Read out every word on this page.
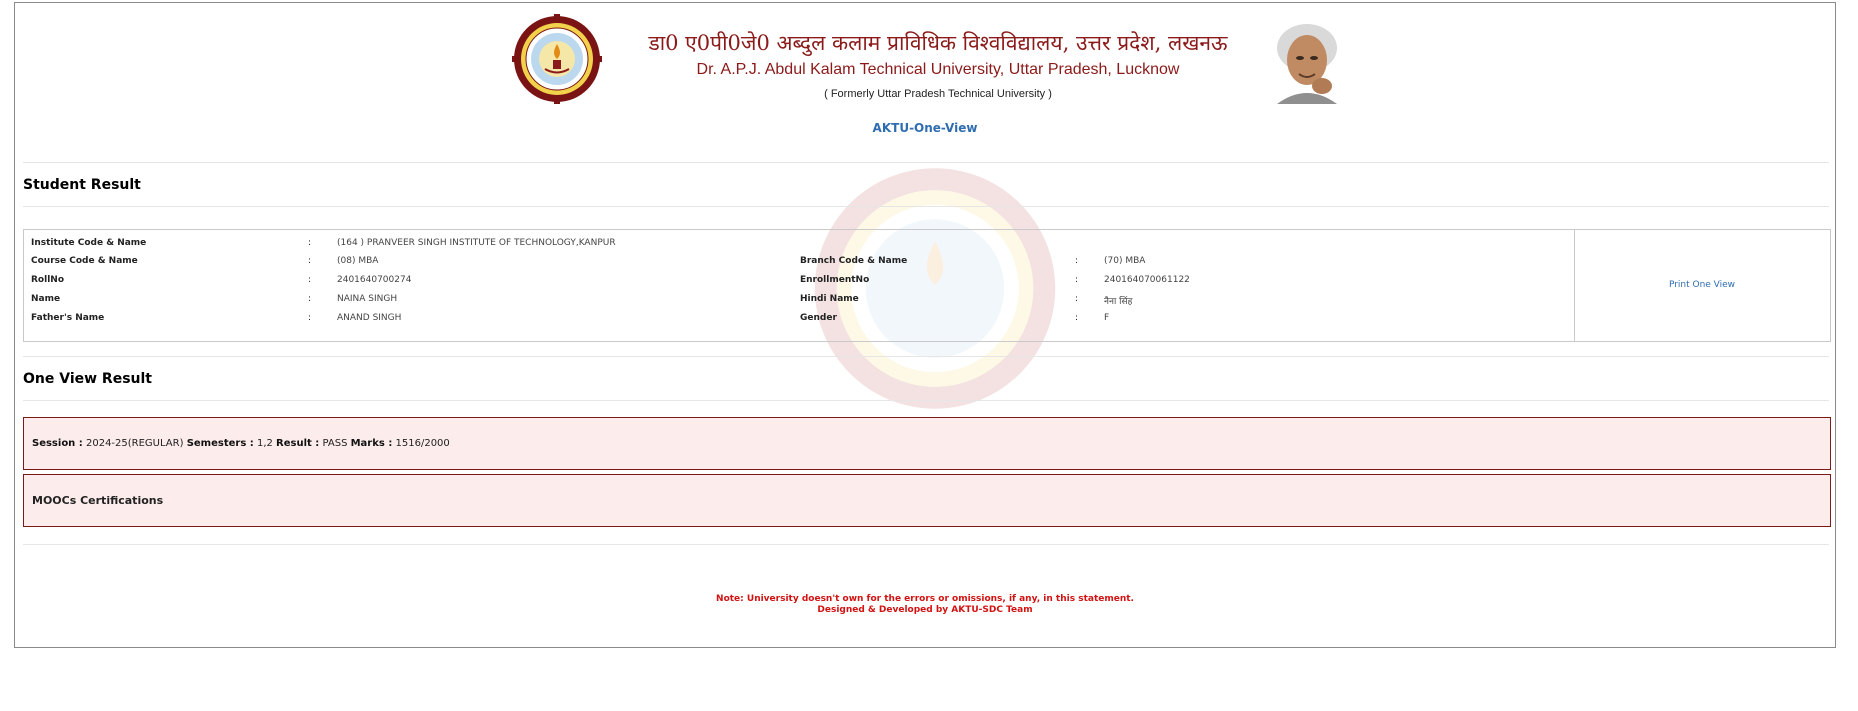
डा0 ए0पी0जे0 अब्दुल कलाम प्राविधिक विश्वविद्यालय, उत्तर प्रदेश, लखनऊ
Dr. A.P.J. Abdul Kalam Technical University, Uttar Pradesh, Lucknow
( Formerly Uttar Pradesh Technical University )
AKTU-One-View
Student Result
Institute Code & Name	:	(164 ) PRANVEER SINGH INSTITUTE OF TECHNOLOGY,KANPUR
Course Code & Name	:	(08) MBA
RollNo	:	2401640700274
Name	:	NAINA SINGH
Father's Name	:	ANAND SINGH
Branch Code & Name	:	(70) MBA
EnrollmentNo	:	240164070061122
Hindi Name	:	नैना सिंह
Gender	:	F
Print One View
One View Result
Session : 2024-25(REGULAR) Semesters : 1,2 Result : PASS Marks : 1516/2000
MOOCs Certifications
Note: University doesn't own for the errors or omissions, if any, in this statement.
Designed & Developed by AKTU-SDC Team
